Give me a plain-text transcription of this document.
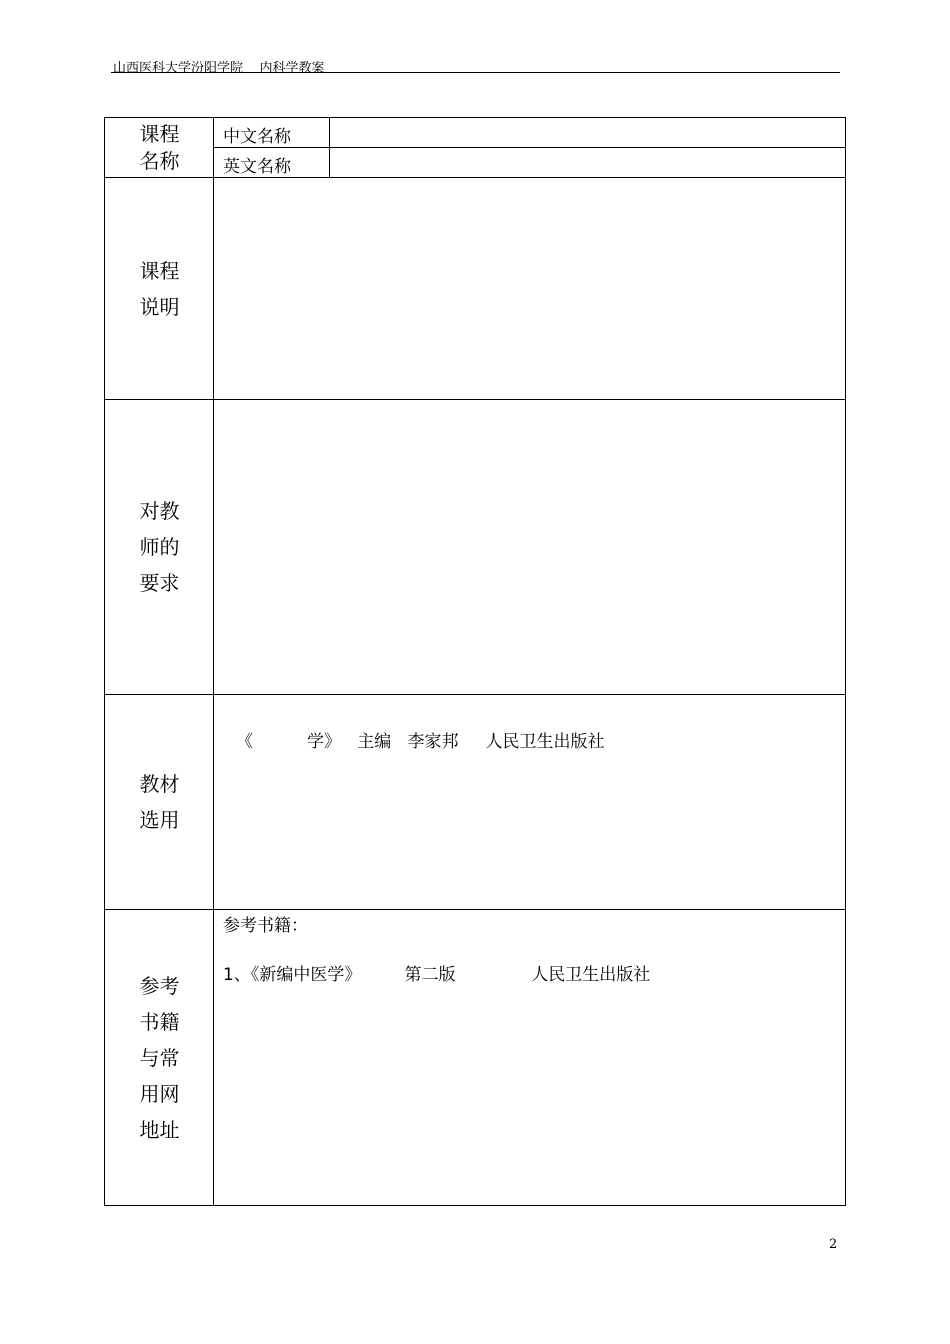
山西医科大学汾阳学院    内科学教案
课程
名称
中文名称
英文名称
课程
说明
对教
师的
要求
教材
选用
《          学》   主编   李家邦     人民卫生出版社
参考
书籍
与常
用网
地址
参考书籍：
1、《新编中医学》        第二版              人民卫生出版社
2
